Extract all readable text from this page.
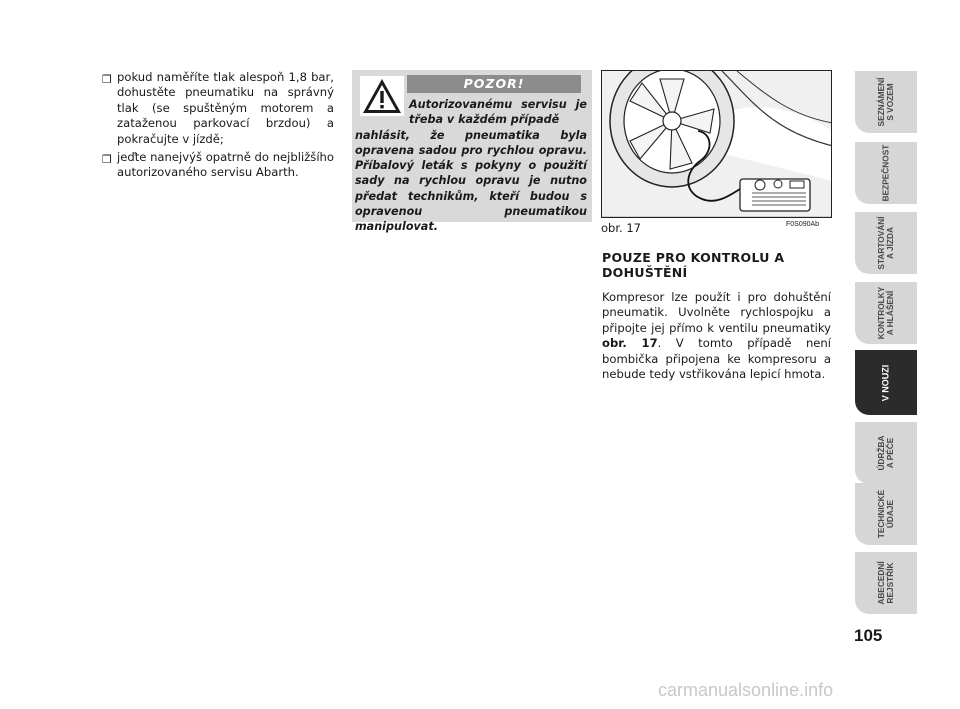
❒ pokud naměříte tlak alespoň 1,8 bar, dohustěte pneumatiku na správný tlak (se spuštěným motorem a zataženou parkovací brzdou) a pokračujte v jízdě;
❒ jeďte nanejvýš opatrně do nejbližšího autorizovaného servisu Abarth.
POZOR!
Autorizovanému servisu je třeba v každém případě
nahlásit, že pneumatika byla opravena sadou pro rychlou opravu. Příbalový leták s pokyny o použití sady na rychlou opravu je nutno předat technikům, kteří budou s opravenou pneumatikou manipulovat.	obr. 17	F0S090Ab
POUZE PRO KONTROLU A DOHUŠTĚNÍ

Kompresor lze použít i pro dohuštění pneumatik. Uvolněte rychlospojku a připojte jej přímo k ventilu pneumatiky obr. 17. V tomto případě není bombička připojena ke kompresoru a nebude tedy vstřikována lepicí hmota.

SEZNÁMENÍ
S VOZEM
BEZPEČNOST
STARTOVÁNÍ
A JÍZDA
KONTROLKY
A HLÁŠENÍ
V NOUZI
ÚDRŽBA
A PÉČE
TECHNICKÉ
ÚDAJE
ABECEDNÍ
REJSTŘÍK
105
carmanualsonline.info
